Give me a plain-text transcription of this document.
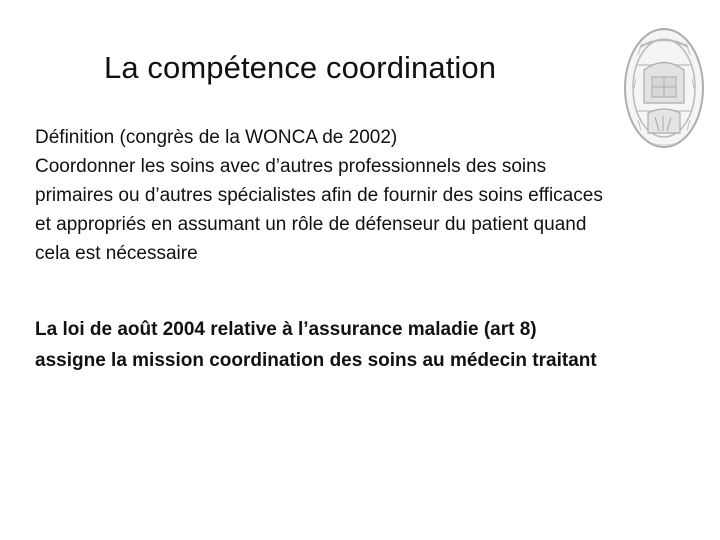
La compétence coordination
Définition (congrès de la WONCA de 2002)
Coordonner les soins avec d’autres professionnels des soins
primaires ou d’autres spécialistes afin de fournir des soins efficaces
et appropriés en assumant un rôle de défenseur du patient quand
cela est nécessaire
La loi de août 2004 relative à l’assurance maladie (art 8)
assigne la mission coordination des soins au médecin traitant
